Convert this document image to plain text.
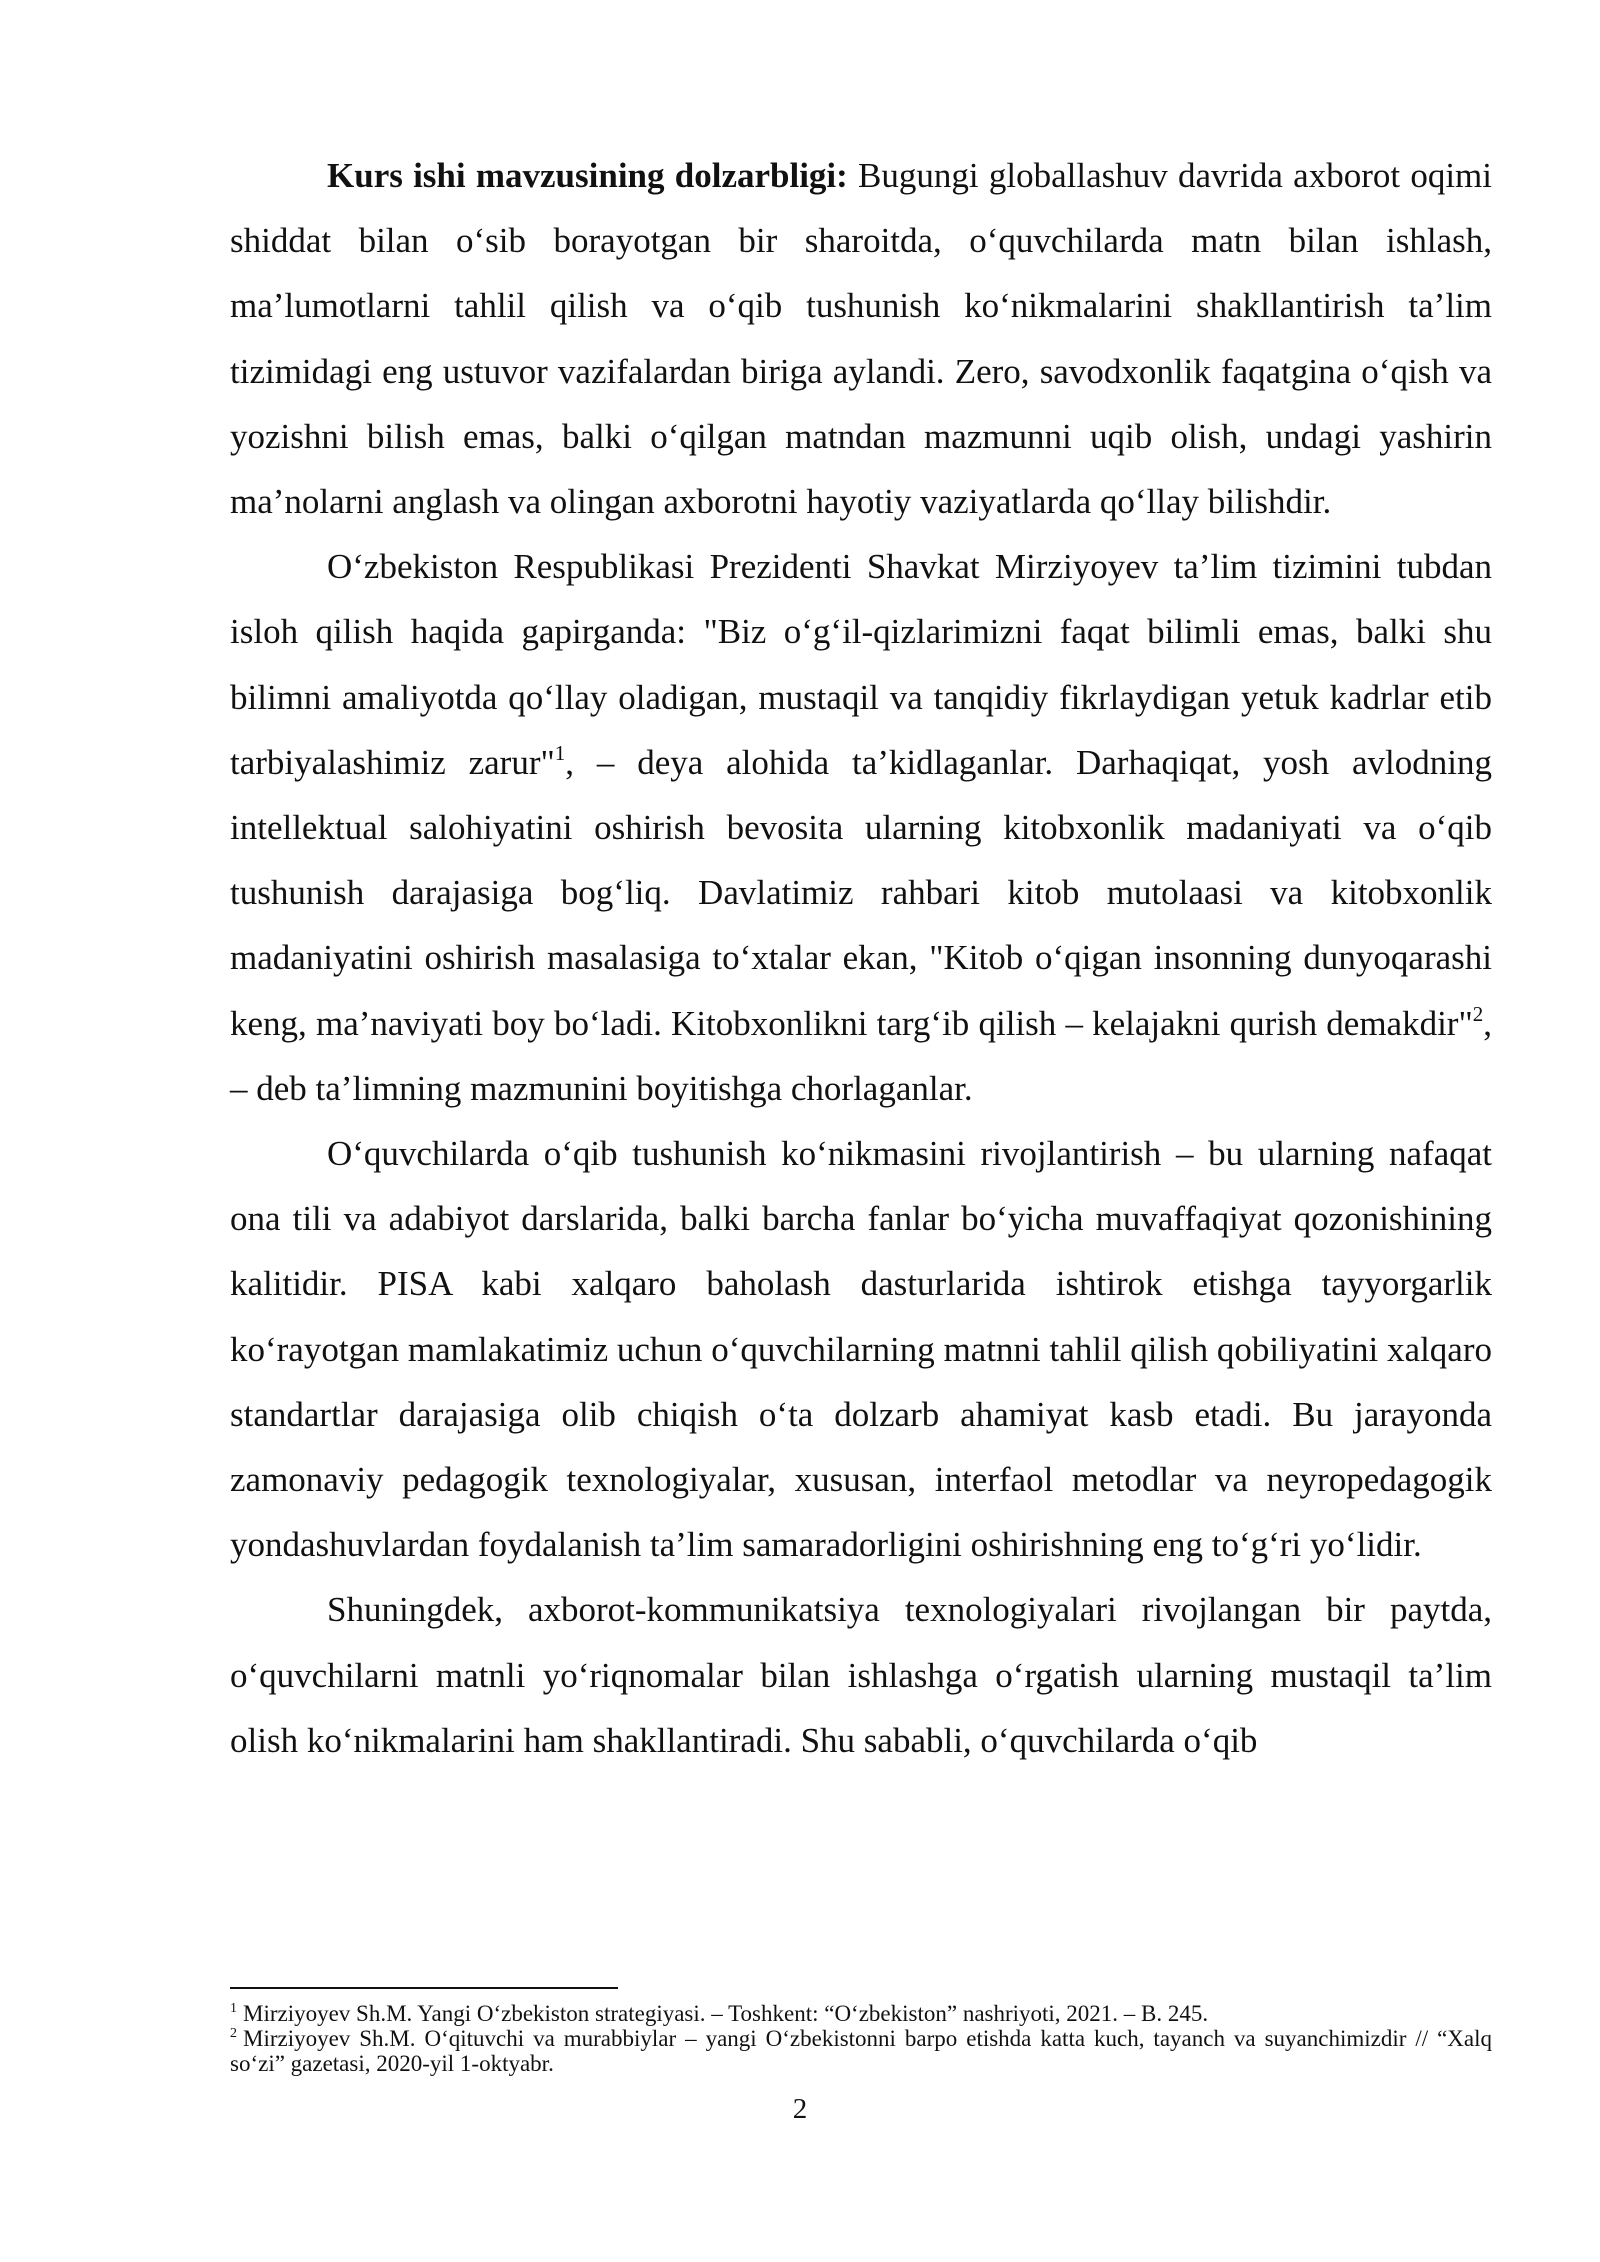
Kurs ishi mavzusining dolzarbligi: Bugungi globallashuv davrida axborot oqimi shiddat bilan o‘sib borayotgan bir sharoitda, o‘quvchilarda matn bilan ishlash, ma’lumotlarni tahlil qilish va o‘qib tushunish ko‘nikmalarini shakllantirish ta’lim tizimidagi eng ustuvor vazifalardan biriga aylandi. Zero, savodxonlik faqatgina o‘qish va yozishni bilish emas, balki o‘qilgan matndan mazmunni uqib olish, undagi yashirin ma’nolarni anglash va olingan axborotni hayotiy vaziyatlarda qo‘llay bilishdir.

O‘zbekiston Respublikasi Prezidenti Shavkat Mirziyoyev ta’lim tizimini tubdan isloh qilish haqida gapirganda: "Biz o‘g‘il-qizlarimizni faqat bilimli emas, balki shu bilimni amaliyotda qo‘llay oladigan, mustaqil va tanqidiy fikrlaydigan yetuk kadrlar etib tarbiyalashimiz zarur"$^1$, – deya alohida ta’kidlaganlar. Darhaqiqat, yosh avlodning intellektual salohiyatini oshirish bevosita ularning kitobxonlik madaniyati va o‘qib tushunish darajasiga bog‘liq. Davlatimiz rahbari kitob mutolaasi va kitobxonlik madaniyatini oshirish masalasiga to‘xtalar ekan, "Kitob o‘qigan insonning dunyoqarashi keng, ma’naviyati boy bo‘ladi. Kitobxonlikni targ‘ib qilish – kelajakni qurish demakdir"$^2$, – deb ta’limning mazmunini boyitishga chorlaganlar.

O‘quvchilarda o‘qib tushunish ko‘nikmasini rivojlantirish – bu ularning nafaqat ona tili va adabiyot darslarida, balki barcha fanlar bo‘yicha muvaffaqiyat qozonishining kalitidir. PISA kabi xalqaro baholash dasturlarida ishtirok etishga tayyorgarlik ko‘rayotgan mamlakatimiz uchun o‘quvchilarning matnni tahlil qilish qobiliyatini xalqaro standartlar darajasiga olib chiqish o‘ta dolzarb ahamiyat kasb etadi. Bu jarayonda zamonaviy pedagogik texnologiyalar, xususan, interfaol metodlar va neyropedagogik yondashuvlardan foydalanish ta’lim samaradorligini oshirishning eng to‘g‘ri yo‘lidir.

Shuningdek, axborot-kommunikatsiya texnologiyalari rivojlangan bir paytda, o‘quvchilarni matnli yo‘riqnomalar bilan ishlashga o‘rgatish ularning mustaqil ta’lim olish ko‘nikmalarini ham shakllantiradi. Shu sababli, o‘quvchilarda o‘qib

$^1$ Mirziyoyev Sh.M. Yangi O‘zbekiston strategiyasi. – Toshkent: “O‘zbekiston” nashriyoti, 2021. – B. 245.

$^2$ Mirziyoyev Sh.M. O‘qituvchi va murabbiylar – yangi O‘zbekistonni barpo etishda katta kuch, tayanch va suyanchimizdir // “Xalq so‘zi” gazetasi, 2020-yil 1-oktyabr.

2
